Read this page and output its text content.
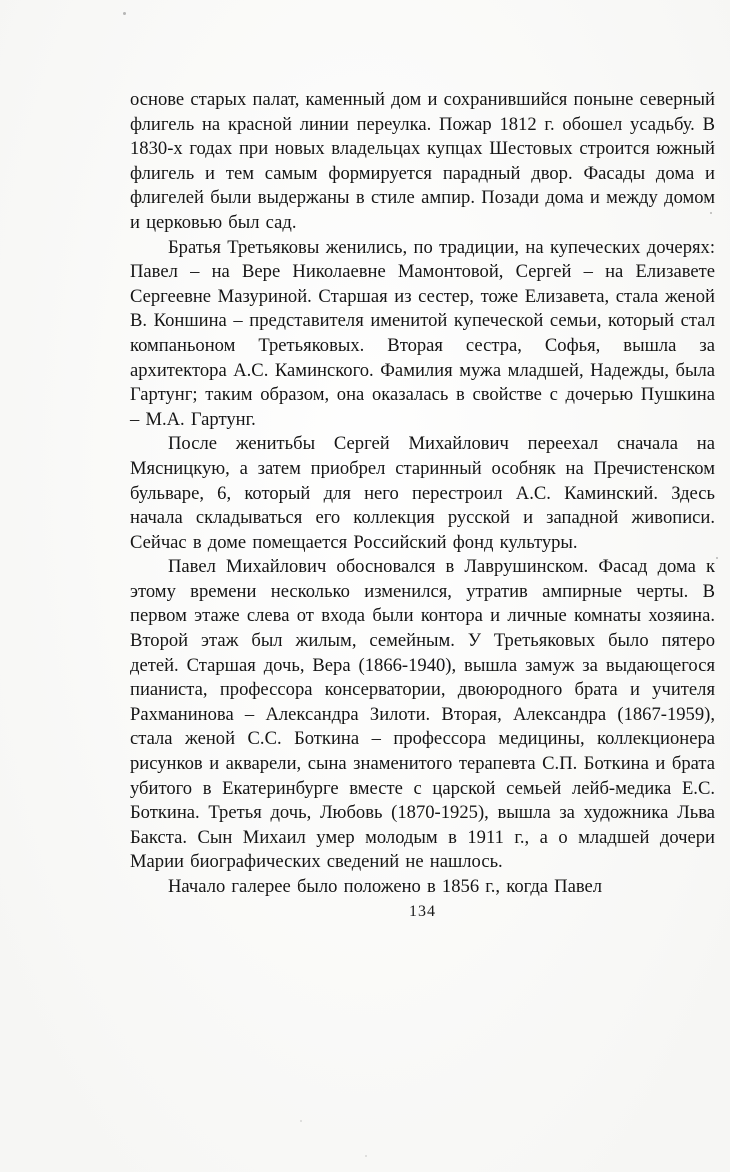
основе старых палат, каменный дом и сохранившийся поныне северный флигель на красной линии переулка. Пожар 1812 г. обошел усадьбу. В 1830-х годах при новых владельцах купцах Шестовых строится южный флигель и тем самым формируется парадный двор. Фасады дома и флигелей были выдержаны в стиле ампир. Позади дома и между домом и церковью был сад.

Братья Третьяковы женились, по традиции, на купеческих дочерях: Павел – на Вере Николаевне Мамонтовой, Сергей – на Елизавете Сергеевне Мазуриной. Старшая из сестер, тоже Елизавета, стала женой В. Коншина – представителя именитой купеческой семьи, который стал компаньоном Третьяковых. Вторая сестра, Софья, вышла за архитектора А.С. Каминского. Фамилия мужа младшей, Надежды, была Гартунг; таким образом, она оказалась в свойстве с дочерью Пушкина – М.А. Гартунг.

После женитьбы Сергей Михайлович переехал сначала на Мясницкую, а затем приобрел старинный особняк на Пречистенском бульваре, 6, который для него перестроил А.С. Каминский. Здесь начала складываться его коллекция русской и западной живописи. Сейчас в доме помещается Российский фонд культуры.

Павел Михайлович обосновался в Лаврушинском. Фасад дома к этому времени несколько изменился, утратив ампирные черты. В первом этаже слева от входа были контора и личные комнаты хозяина. Второй этаж был жилым, семейным. У Третьяковых было пятеро детей. Старшая дочь, Вера (1866-1940), вышла замуж за выдающегося пианиста, профессора консерватории, двоюродного брата и учителя Рахманинова – Александра Зилоти. Вторая, Александра (1867-1959), стала женой С.С. Боткина – профессора медицины, коллекционера рисунков и акварели, сына знаменитого терапевта С.П. Боткина и брата убитого в Екатеринбурге вместе с царской семьей лейб-медика Е.С. Боткина. Третья дочь, Любовь (1870-1925), вышла за художника Льва Бакста. Сын Михаил умер молодым в 1911 г., а о младшей дочери Марии биографических сведений не нашлось.

Начало галерее было положено в 1856 г., когда Павел

134
